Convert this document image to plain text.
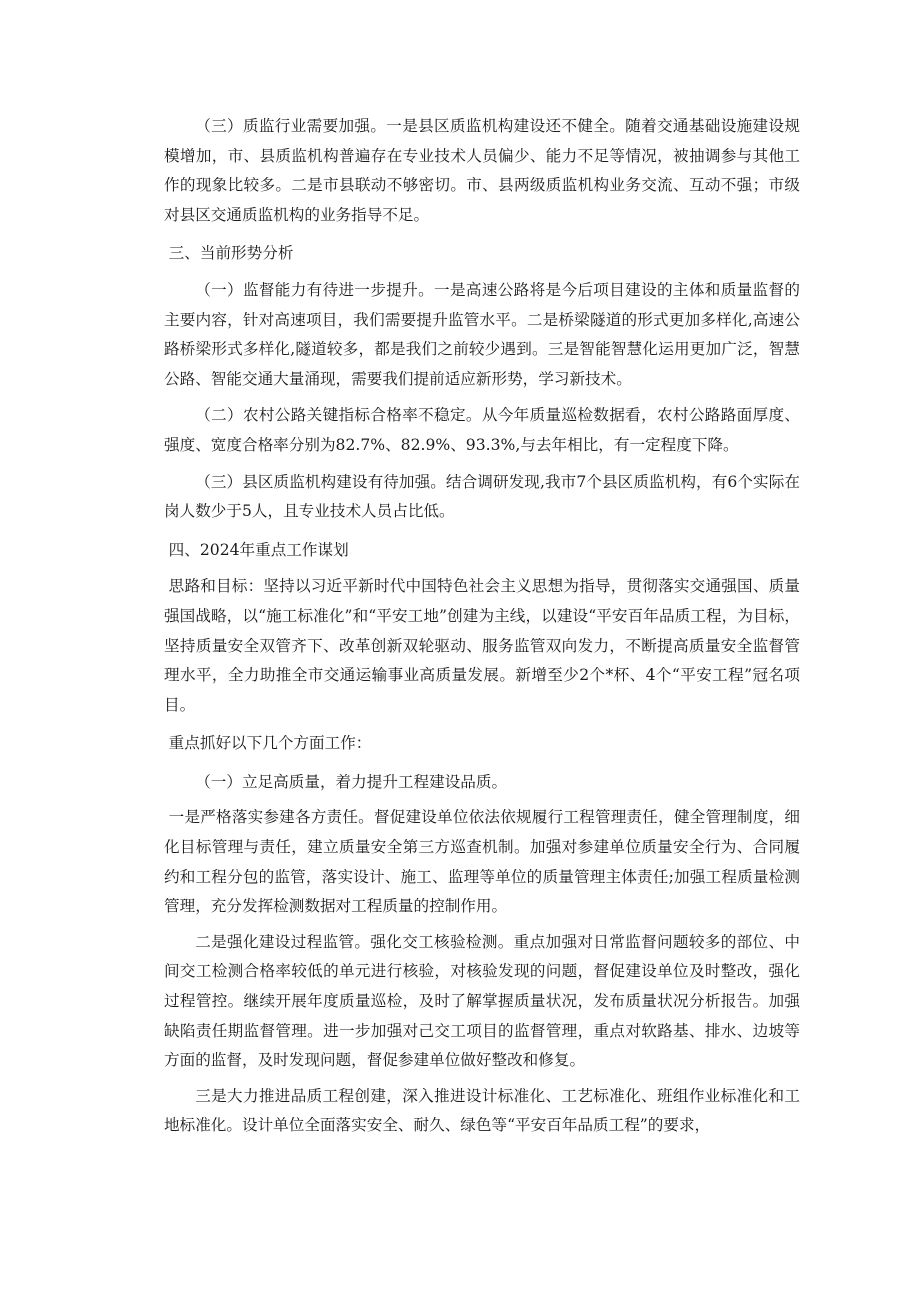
（三）质监行业需要加强。一是县区质监机构建设还不健全。随着交通基础设施建设规模增加，市、县质监机构普遍存在专业技术人员偏少、能力不足等情况，被抽调参与其他工作的现象比较多。二是市县联动不够密切。市、县两级质监机构业务交流、互动不强；市级对县区交通质监机构的业务指导不足。

三、当前形势分析

（一）监督能力有待进一步提升。一是高速公路将是今后项目建设的主体和质量监督的主要内容，针对高速项目，我们需要提升监管水平。二是桥梁隧道的形式更加多样化,高速公路桥梁形式多样化,隧道较多，都是我们之前较少遇到。三是智能智慧化运用更加广泛，智慧公路、智能交通大量涌现，需要我们提前适应新形势，学习新技术。

（二）农村公路关键指标合格率不稳定。从今年质量巡检数据看，农村公路路面厚度、强度、宽度合格率分别为82.7%、82.9%、93.3%,与去年相比，有一定程度下降。

（三）县区质监机构建设有待加强。结合调研发现,我市7个县区质监机构，有6个实际在岗人数少于5人，且专业技术人员占比低。

四、2024年重点工作谋划

思路和目标：坚持以习近平新时代中国特色社会主义思想为指导，贯彻落实交通强国、质量强国战略，以“施工标准化”和“平安工地”创建为主线，以建设“平安百年品质工程，为目标，坚持质量安全双管齐下、改革创新双轮驱动、服务监管双向发力，不断提高质量安全监督管理水平，全力助推全市交通运输事业高质量发展。新增至少2个*杯、4个“平安工程”冠名项目。

重点抓好以下几个方面工作：

（一）立足高质量，着力提升工程建设品质。

一是严格落实参建各方责任。督促建设单位依法依规履行工程管理责任，健全管理制度，细化目标管理与责任，建立质量安全第三方巡查机制。加强对参建单位质量安全行为、合同履约和工程分包的监管，落实设计、施工、监理等单位的质量管理主体责任;加强工程质量检测管理，充分发挥检测数据对工程质量的控制作用。

二是强化建设过程监管。强化交工核验检测。重点加强对日常监督问题较多的部位、中间交工检测合格率较低的单元进行核验，对核验发现的问题，督促建设单位及时整改，强化过程管控。继续开展年度质量巡检，及时了解掌握质量状况，发布质量状况分析报告。加强缺陷责任期监督管理。进一步加强对己交工项目的监督管理，重点对软路基、排水、边坡等方面的监督，及时发现问题，督促参建单位做好整改和修复。

三是大力推进品质工程创建，深入推进设计标准化、工艺标准化、班组作业标准化和工地标准化。设计单位全面落实安全、耐久、绿色等“平安百年品质工程”的要求，
